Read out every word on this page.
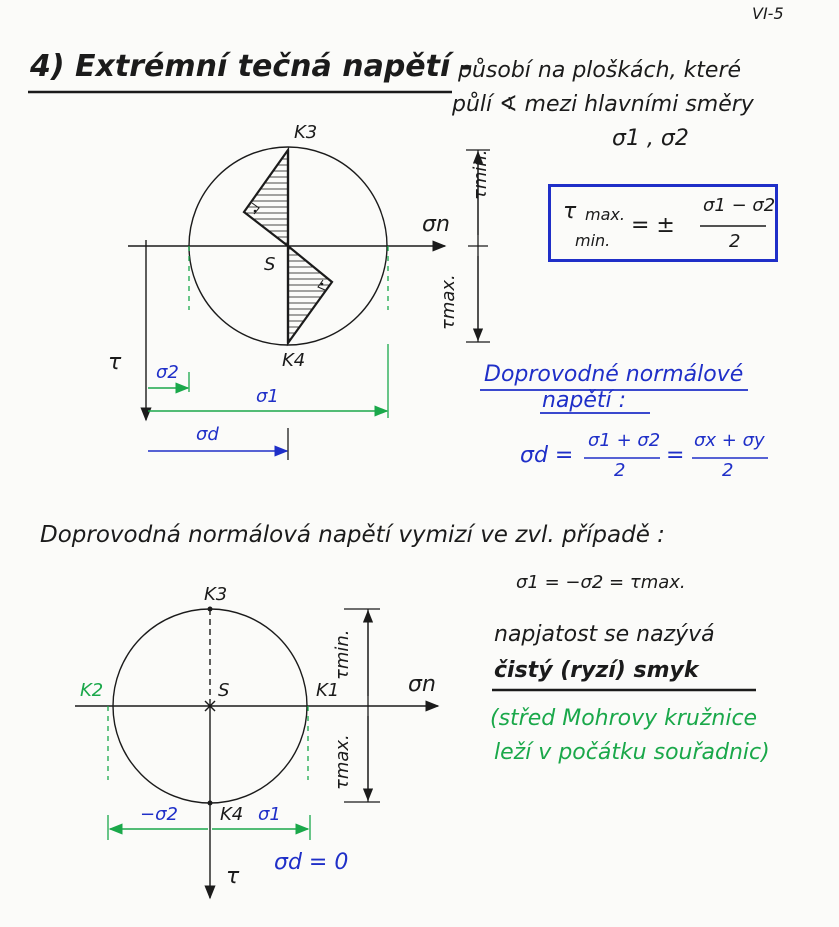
VI-5
4) Extrémní tečná napětí -
působí na ploškách, které
půlí ∢ mezi hlavními směry
σ1 , σ2
K3
K4
S
σn
τ
τmin.
τmax.
σ2
σ1
σd
τ max.
min.
= ±
σ1 − σ2
2
Doprovodné normálové
napětí :
σd =
σ1 + σ2
2
=
σx + σy
2
Doprovodná normálová napětí vymizí ve zvl. případě :
σ1 = −σ2 = τmax.
napjatost se nazývá
čistý (ryzí) smyk
(střed Mohrovy kružnice
leží v počátku souřadnic)
K3
K4
K2	K1
S	σn
τ
τmin.
τmax.
−σ2	σ1
σd = 0
